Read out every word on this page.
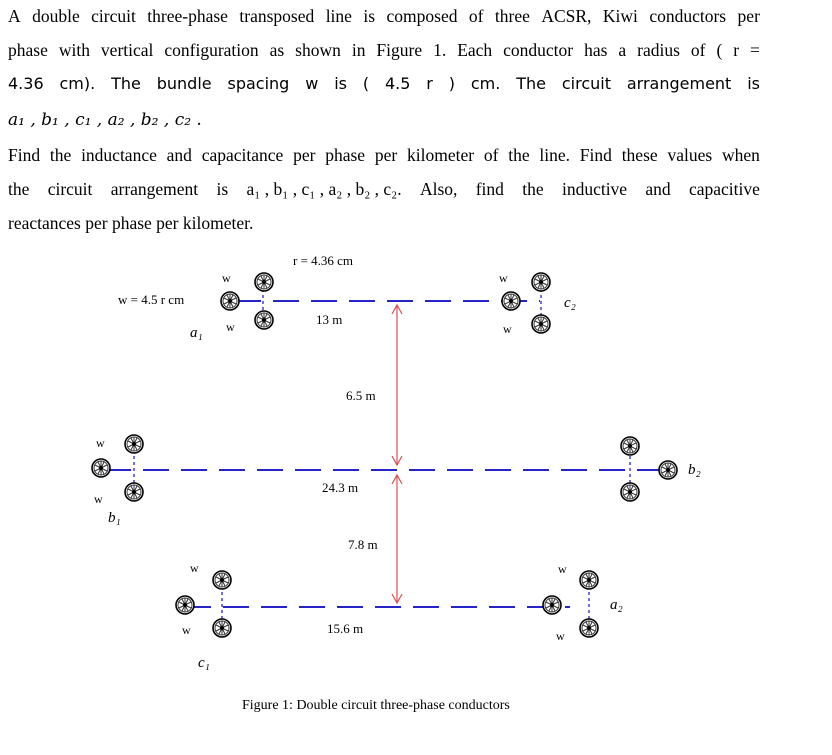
A double circuit three-phase transposed line is composed of three ACSR, Kiwi conductors per
phase with vertical configuration as shown in Figure 1. Each conductor has a radius of ( r =
4.36 cm). The bundle spacing w is ( 4.5 r ) cm. The circuit arrangement is
a₁ , b₁ , c₁ , a₂ , b₂ , c₂ .
Find the inductance and capacitance per phase per kilometer of the line. Find these values when
the circuit arrangement is a₁ , b₁ , c₁ , a₂ , b₂ , c₂. Also, find the inductive and capacitive
reactances per phase per kilometer.
w
w
w
w
w
w
w
w
w
w
r = 4.36 cm
w = 4.5 r cm
13 m
6.5 m
24.3 m
7.8 m
15.6 m
a₁
c₂
b₁
b₂
c₁
a₂
Figure 1: Double circuit three-phase conductors
